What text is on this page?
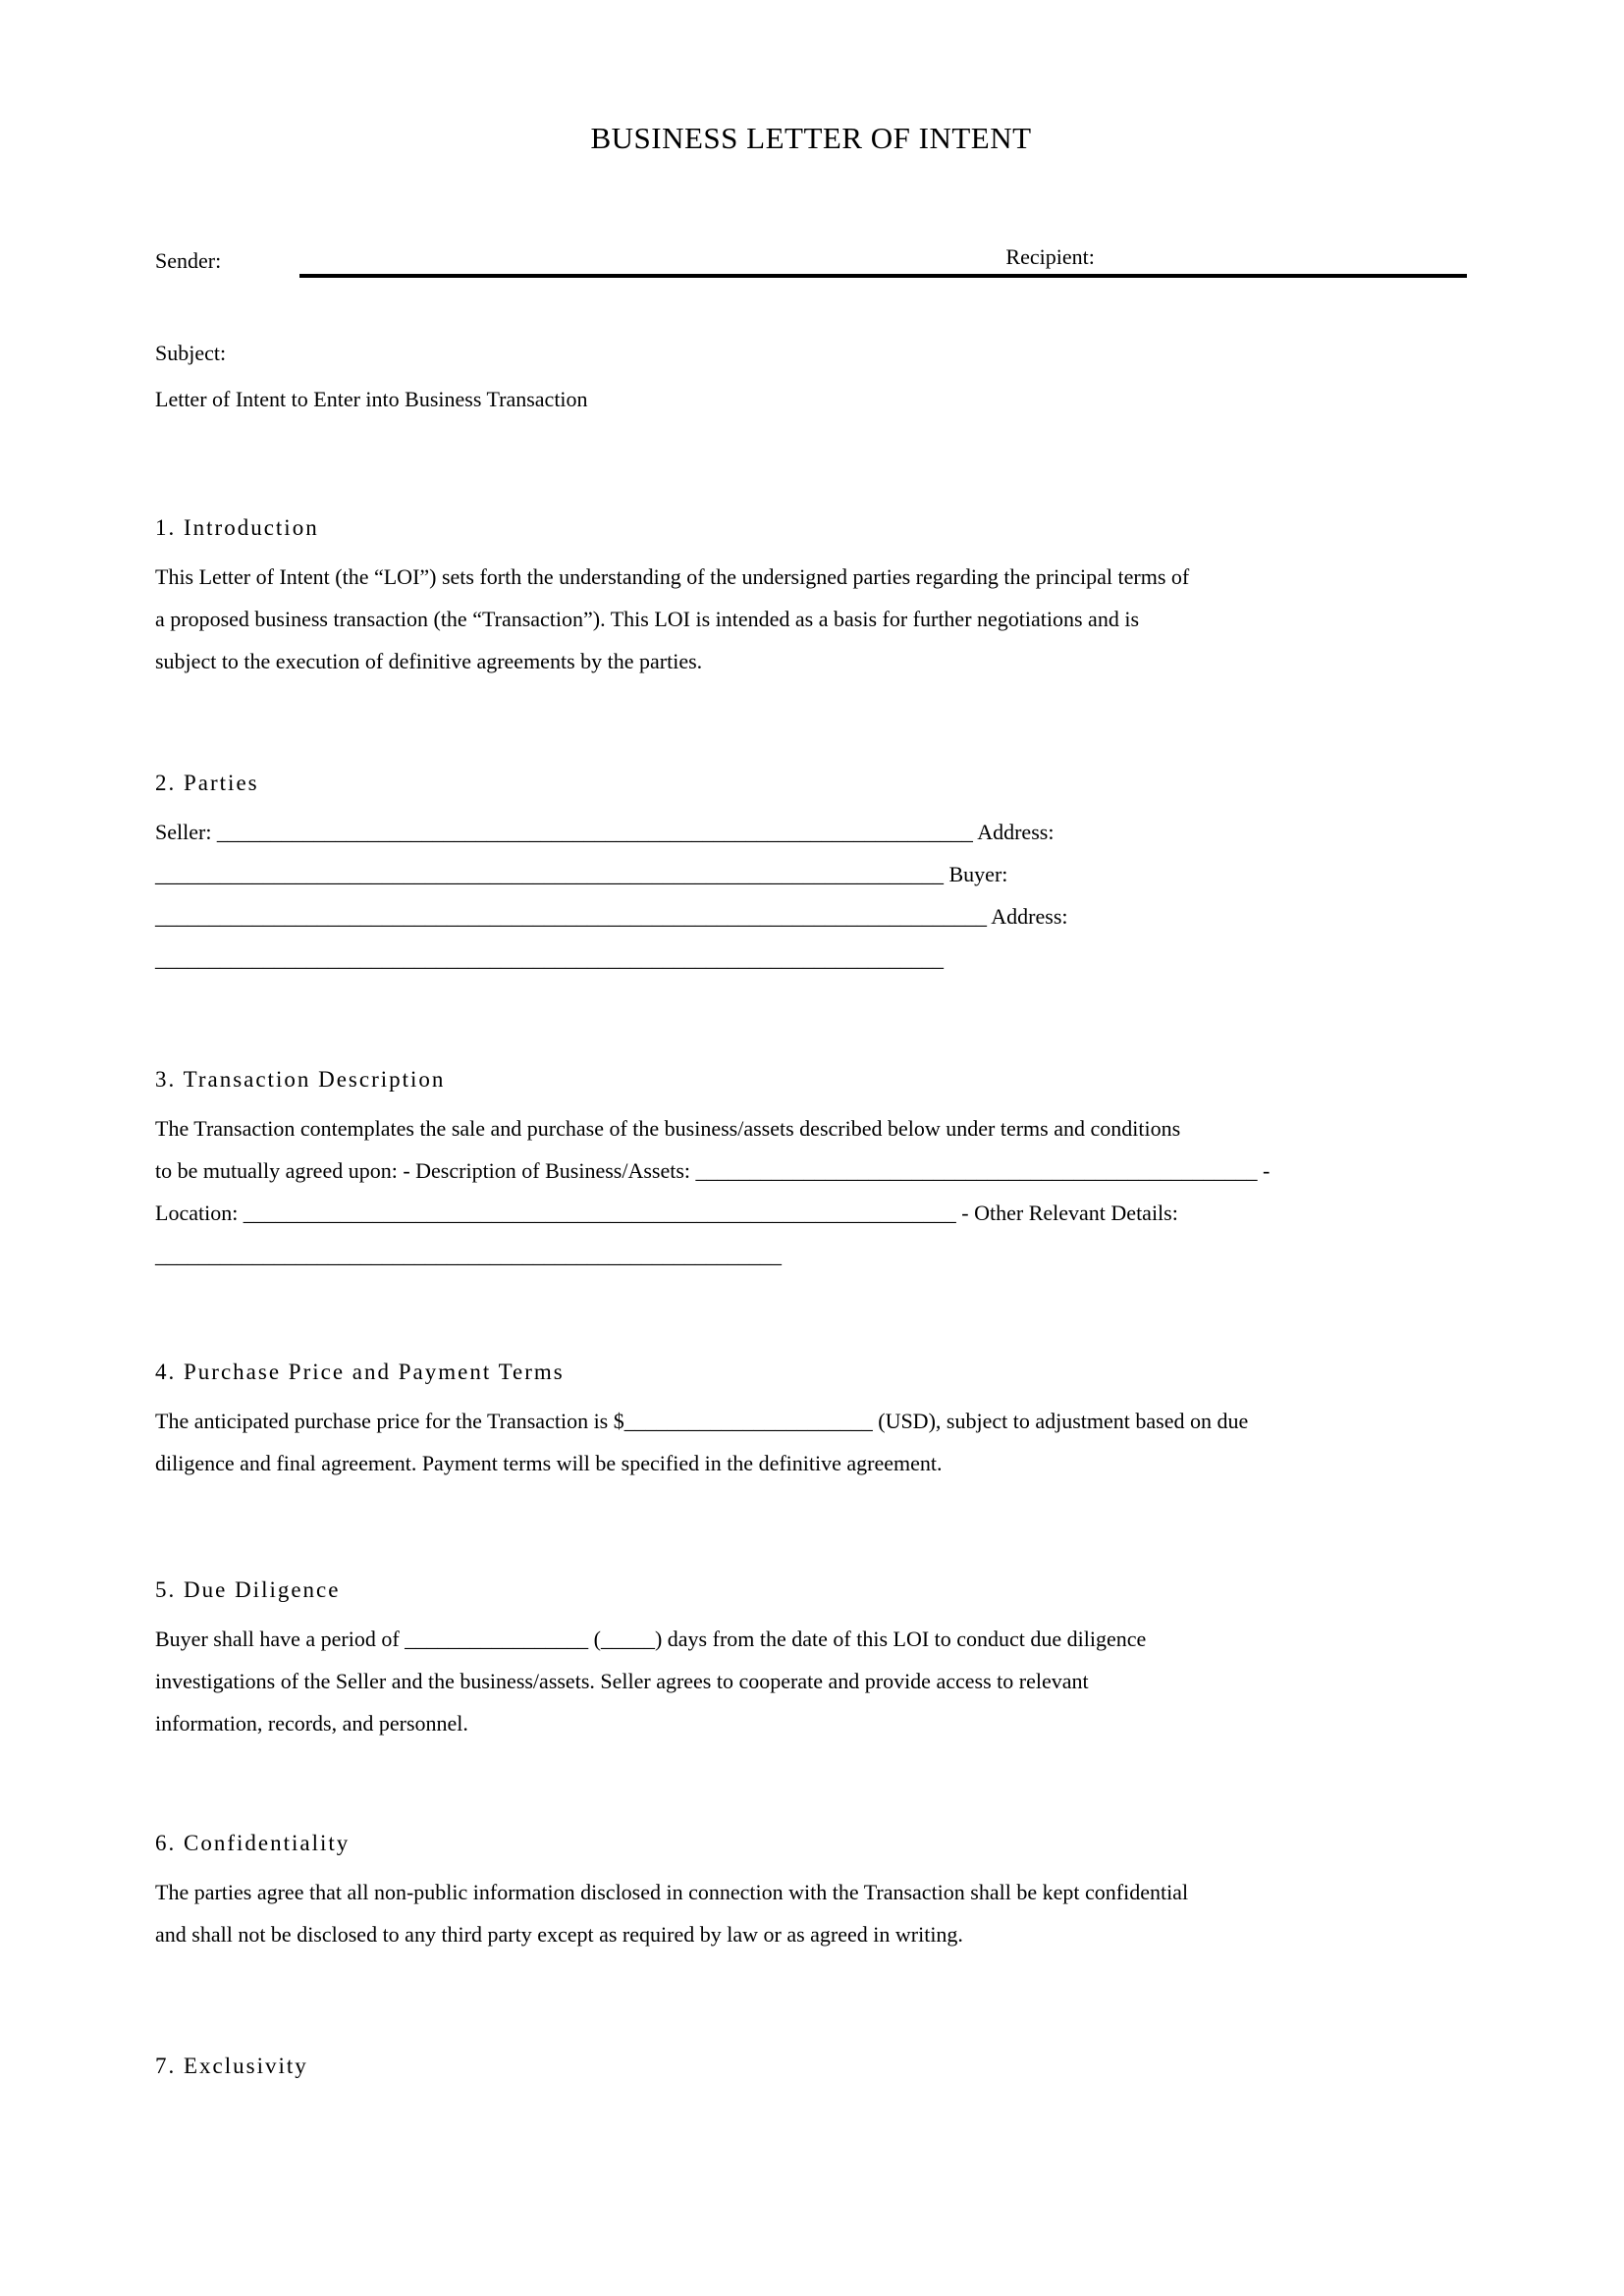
BUSINESS LETTER OF INTENT
Sender:	Recipient:
Subject:
Letter of Intent to Enter into Business Transaction
1. Introduction

This Letter of Intent (the “LOI”) sets forth the understanding of the undersigned parties regarding the principal terms of
a proposed business transaction (the “Transaction”). This LOI is intended as a basis for further negotiations and is
subject to the execution of definitive agreements by the parties.

2. Parties

Seller: ______________________________________________________________________ Address:
_________________________________________________________________________ Buyer:
_____________________________________________________________________________ Address:
_________________________________________________________________________

3. Transaction Description

The Transaction contemplates the sale and purchase of the business/assets described below under terms and conditions
to be mutually agreed upon: - Description of Business/Assets: ____________________________________________________ -
Location: __________________________________________________________________ - Other Relevant Details:
__________________________________________________________

4. Purchase Price and Payment Terms

The anticipated purchase price for the Transaction is $_______________________ (USD), subject to adjustment based on due
diligence and final agreement. Payment terms will be specified in the definitive agreement.

5. Due Diligence

Buyer shall have a period of _________________ (_____) days from the date of this LOI to conduct due diligence
investigations of the Seller and the business/assets. Seller agrees to cooperate and provide access to relevant
information, records, and personnel.

6. Confidentiality

The parties agree that all non-public information disclosed in connection with the Transaction shall be kept confidential
and shall not be disclosed to any third party except as required by law or as agreed in writing.

7. Exclusivity
